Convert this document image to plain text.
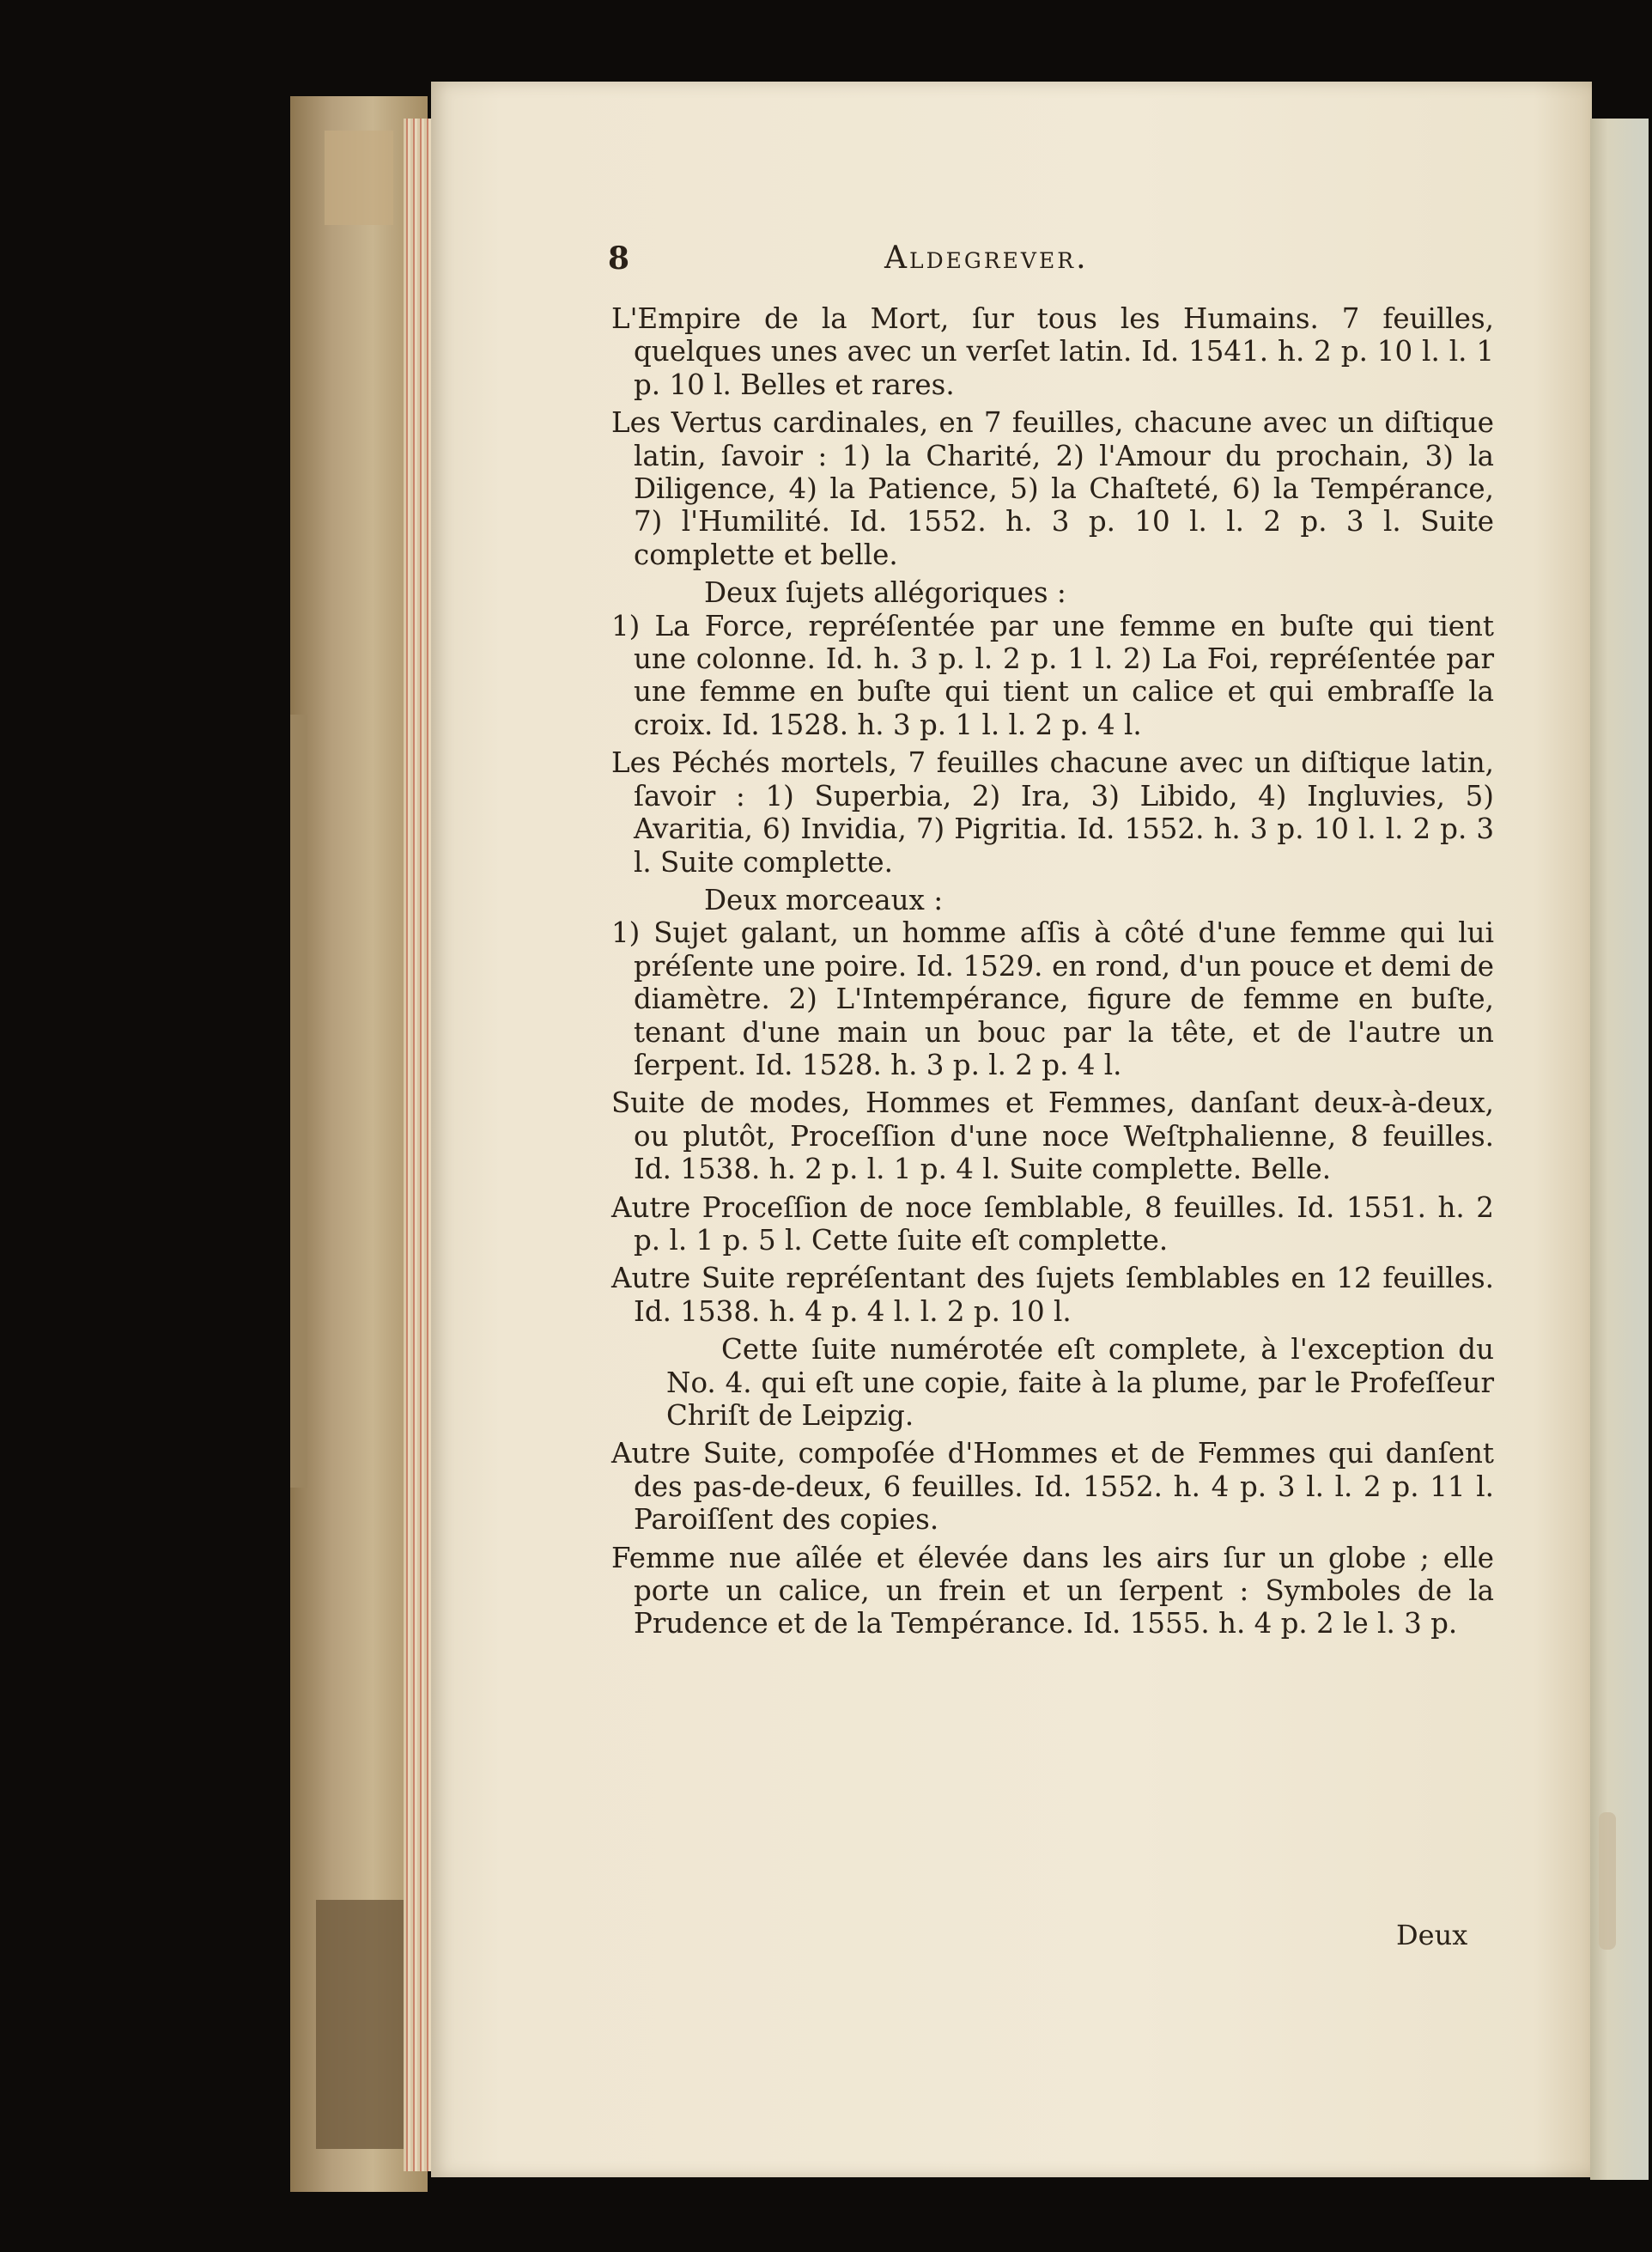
8	Aldegrever.

L'Empire de la Mort, ſur tous les Humains. 7 feuilles, quelques unes avec un verſet latin. Id. 1541. h. 2 p. 10 l. l. 1 p. 10 l. Belles et rares.

Les Vertus cardinales, en 7 feuilles, chacune avec un diſtique latin, ſavoir : 1) la Charité, 2) l'Amour du prochain, 3) la Diligence, 4) la Patience, 5) la Chaſteté, 6) la Tempérance, 7) l'Humilité. Id. 1552. h. 3 p. 10 l. l. 2 p. 3 l. Suite complette et belle.

Deux ſujets allégoriques :

1) La Force, repréſentée par une femme en buſte qui tient une colonne. Id. h. 3 p. l. 2 p. 1 l. 2) La Foi, repréſentée par une femme en buſte qui tient un calice et qui embraſſe la croix. Id. 1528. h. 3 p. 1 l. l. 2 p. 4 l.

Les Péchés mortels, 7 feuilles chacune avec un diſtique latin, ſavoir : 1) Superbia, 2) Ira, 3) Libido, 4) Ingluvies, 5) Avaritia, 6) Invidia, 7) Pigritia. Id. 1552. h. 3 p. 10 l. l. 2 p. 3 l. Suite complette.

Deux morceaux :

1) Sujet galant, un homme aſſis à côté d'une femme qui lui préſente une poire. Id. 1529. en rond, d'un pouce et demi de diamètre. 2) L'Intempérance, figure de femme en buſte, tenant d'une main un bouc par la tête, et de l'autre un ſerpent. Id. 1528. h. 3 p. l. 2 p. 4 l.

Suite de modes, Hommes et Femmes, danſant deux-à-deux, ou plutôt, Proceſſion d'une noce Weſtphalienne, 8 feuilles. Id. 1538. h. 2 p. l. 1 p. 4 l. Suite complette. Belle.

Autre Proceſſion de noce ſemblable, 8 feuilles. Id. 1551. h. 2 p. l. 1 p. 5 l. Cette ſuite eſt complette.

Autre Suite repréſentant des ſujets ſemblables en 12 feuilles. Id. 1538. h. 4 p. 4 l. l. 2 p. 10 l.

Cette ſuite numérotée eſt complete, à l'exception du No. 4. qui eſt une copie, faite à la plume, par le Profeſſeur Chriſt de Leipzig.

Autre Suite, compoſée d'Hommes et de Femmes qui danſent des pas-de-deux, 6 feuilles. Id. 1552. h. 4 p. 3 l. l. 2 p. 11 l. Paroiſſent des copies.

Femme nue aîlée et élevée dans les airs ſur un globe ; elle porte un calice, un frein et un ſerpent : Symboles de la Prudence et de la Tempérance. Id. 1555. h. 4 p. 2 le l. 3 p.

Deux
